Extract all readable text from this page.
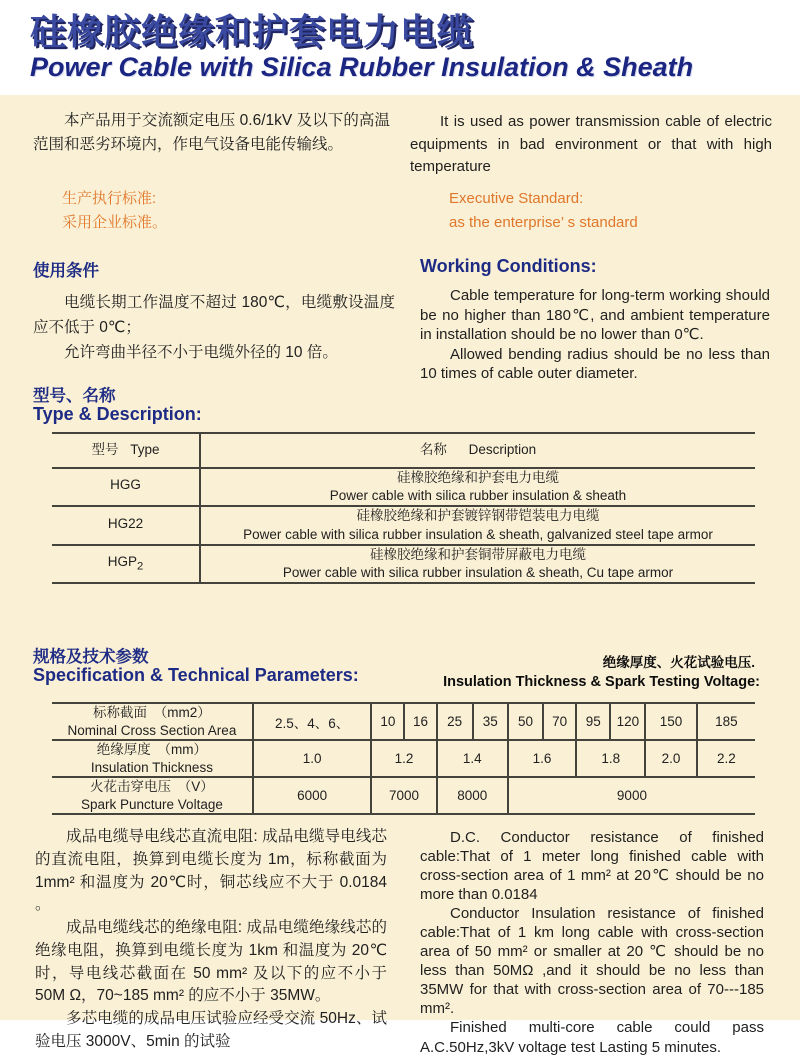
硅橡胶绝缘和护套电力电缆
Power Cable with Silica Rubber Insulation & Sheath

本产品用于交流额定电压 0.6/1kV 及以下的高温范围和恶劣环境内，作电气设备电能传输线。

It is used as power transmission cable of electric equipments in bad environment or that with high temperature

生产执行标准:

采用企业标准。

Executive Standard:

as the enterprise’ s standard

使用条件

电缆长期工作温度不超过 180℃，电缆敷设温度应不低于 0℃；

允许弯曲半径不小于电缆外径的 10 倍。

Working Conditions:

Cable temperature for long-term working should be no higher than 180℃, and ambient temperature in installation should be no lower than 0℃.

Allowed bending radius should be no less than 10 times of cable outer diameter.

型号、名称
Type & Description:
型号 Type	名称 Description
HGG	硅橡胶绝缘和护套电力电缆
Power cable with silica rubber insulation & sheath

HG22	硅橡胶绝缘和护套镀锌钢带铠装电力电缆
Power cable with silica rubber insulation & sheath, galvanized steel tape armor

$HGP_2$	硅橡胶绝缘和护套铜带屏蔽电力电缆
Power cable with silica rubber insulation & sheath, Cu tape armor
规格及技术参数
Specification & Technical Parameters:
绝缘厚度、火花试验电压.
Insulation Thickness & Spark Testing Voltage:
标称截面　（mm2）
Nominal Cross Section Area	2.5、4、6、	10	16	25	35	50	70	95	120	150	185

绝缘厚度　（mm）
Insulation Thickness	1.0	1.2		1.4		1.6		1.8		2.0	2.2

火花击穿电压　（V）
Spark Puncture Voltage	6000	7000		8000		9000					

成品电缆导电线芯直流电阻: 成品电缆导电线芯的直流电阻，换算到电缆长度为 1m，标称截面为 1mm² 和温度为 20℃时，铜芯线应不大于 0.0184 。

成品电缆线芯的绝缘电阻: 成品电缆绝缘线芯的绝缘电阻，换算到电缆长度为 1km 和温度为 20℃时，导电线芯截面在 50 mm² 及以下的应不小于 50M Ω，70~185 mm² 的应不小于 35MW。

多芯电缆的成品电压试验应经受交流 50Hz、试验电压 3000V、5min 的试验

D.C. Conductor resistance of finished cable:That of 1 meter long finished cable with cross-section area of 1 mm² at 20℃ should be no more than 0.0184

Conductor Insulation resistance of finished cable:That of 1 km long cable with cross-section area of 50 mm² or smaller at 20 ℃ should be no less than 50MΩ ,and it should be no less than 35MW for that with cross-section area of 70---185 mm².

Finished multi-core cable could pass A.C.50Hz,3kV voltage test Lasting 5 minutes.
